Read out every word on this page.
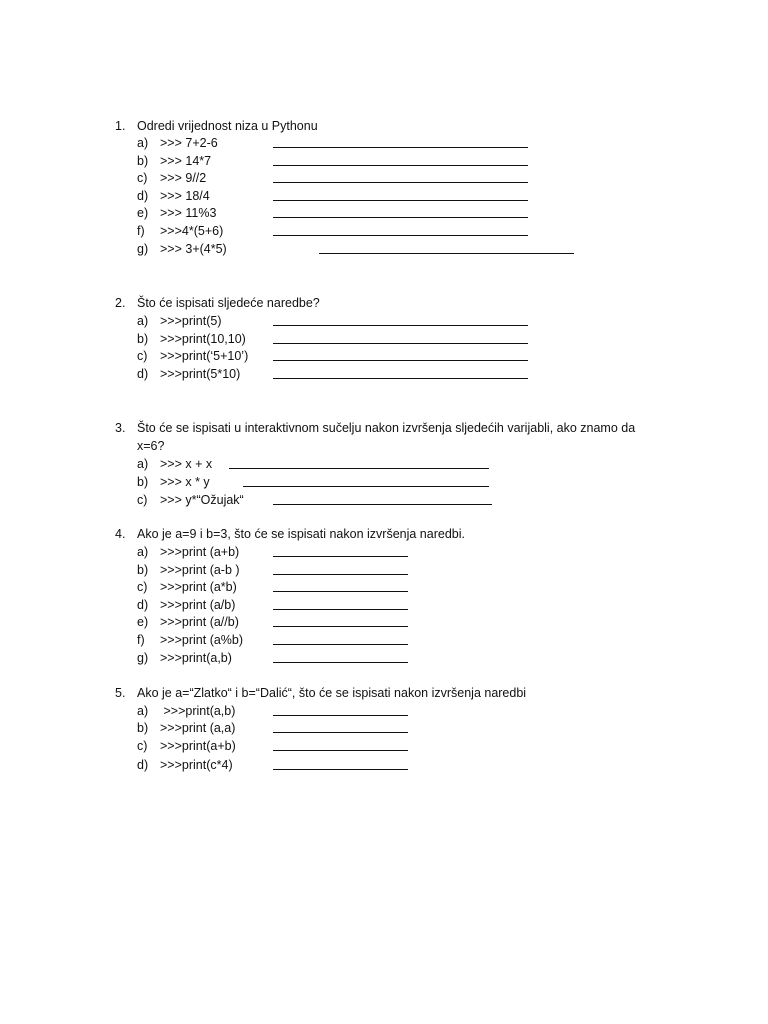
1. Odredi vrijednost niza u Pythonu
a) >>> 7+2-6
b) >>> 14*7
c) >>> 9//2
d) >>> 18/4
e) >>> 11%3
f) >>>4*(5+6)
g) >>> 3+(4*5)
2. Što će ispisati sljedeće naredbe?
a) >>>print(5)
b) >>>print(10,10)
c) >>>print(‘5+10’)
d) >>>print(5*10)
3. Što će se ispisati u interaktivnom sučelju nakon izvršenja sljedećih varijabli, ako znamo da
x=6?
a) >>> x + x
b) >>> x * y
c) >>> y*“Ožujak“
4. Ako je a=9 i b=3, što će se ispisati nakon izvršenja naredbi.
a) >>>print (a+b)
b) >>>print (a-b )
c) >>>print (a*b)
d) >>>print (a/b)
e) >>>print (a//b)
f) >>>print (a%b)
g) >>>print(a,b)
5. Ako je a=“Zlatko“ i b=“Dalić“, što će se ispisati nakon izvršenja naredbi
a) >>>print(a,b)
b) >>>print (a,a)
c) >>>print(a+b)
d) >>>print(c*4)
